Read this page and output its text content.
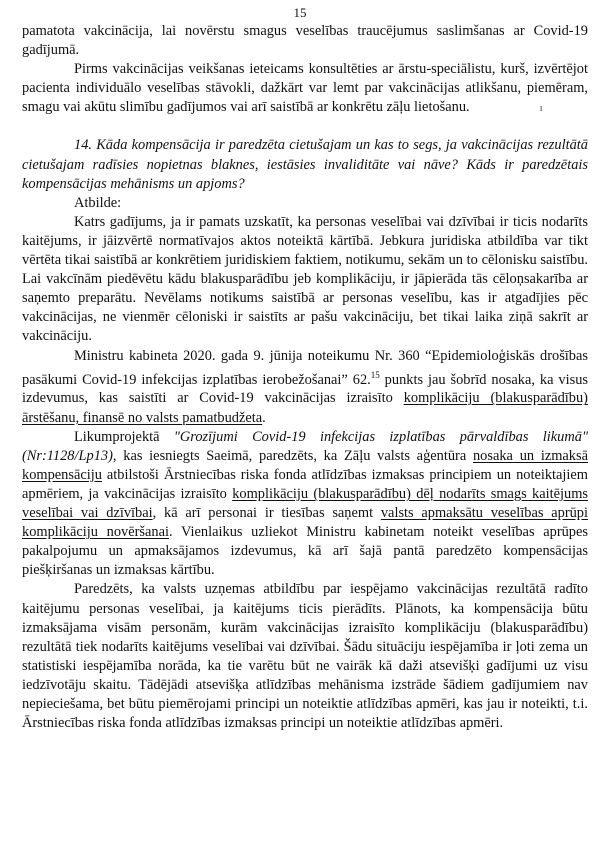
15

pamatota vakcinācija, lai novērstu smagus veselības traucējumus saslimšanas ar Covid-19 gadījumā.

Pirms vakcinācijas veikšanas ieteicams konsultēties ar ārstu-speciālistu, kurš, izvērtējot pacienta individuālo veselības stāvokli, dažkārt var lemt par vakcinācijas atlikšanu, piemēram, smagu vai akūtu slimību gadījumos vai arī saistībā ar konkrētu zāļu lietošanu.	ı

14. Kāda kompensācija ir paredzēta cietušajam un kas to segs, ja vakcinācijas rezultātā cietušajam radīsies nopietnas blaknes, iestāsies invaliditāte vai nāve? Kāds ir paredzētais kompensācijas mehānisms un apjoms?

Atbilde:

Katrs gadījums, ja ir pamats uzskatīt, ka personas veselībai vai dzīvībai ir ticis nodarīts kaitējums, ir jāizvērtē normatīvajos aktos noteiktā kārtībā. Jebkura juridiska atbildība var tikt vērtēta tikai saistībā ar konkrētiem juridiskiem faktiem, notikumu, sekām un to cēlonisku saistību. Lai vakcīnām piedēvētu kādu blakusparādību jeb komplikāciju, ir jāpierāda tās cēloņsakarība ar saņemto preparātu. Nevēlams notikums saistībā ar personas veselību, kas ir atgadījies pēc vakcinācijas, ne vienmēr cēloniski ir saistīts ar pašu vakcināciju, bet tikai laika ziņā sakrīt ar vakcināciju.

Ministru kabineta 2020. gada 9. jūnija noteikumu Nr. 360 “Epidemioloģiskās drošības pasākumi Covid-19 infekcijas izplatības ierobežošanai” 62.15 punkts jau šobrīd nosaka, ka visus izdevumus, kas saistīti ar Covid-19 vakcinācijas izraisīto komplikāciju (blakusparādību) ārstēšanu, finansē no valsts pamatbudžeta.

Likumprojektā "Grozījumi Covid-19 infekcijas izplatības pārvaldības likumā" (Nr:1128/Lp13), kas iesniegts Saeimā, paredzēts, ka Zāļu valsts aģentūra nosaka un izmaksā kompensāciju atbilstoši Ārstniecības riska fonda atlīdzības izmaksas principiem un noteiktajiem apmēriem, ja vakcinācijas izraisīto komplikāciju (blakusparādību) dēļ nodarīts smags kaitējums veselībai vai dzīvībai, kā arī personai ir tiesības saņemt valsts apmaksātu veselības aprūpi komplikāciju novēršanai. Vienlaikus uzliekot Ministru kabinetam noteikt veselības aprūpes pakalpojumu un apmaksājamos izdevumus, kā arī šajā pantā paredzēto kompensācijas piešķiršanas un izmaksas kārtību.

Paredzēts, ka valsts uzņemas atbildību par iespējamo vakcinācijas rezultātā radīto kaitējumu personas veselībai, ja kaitējums ticis pierādīts. Plānots, ka kompensācija būtu izmaksājama visām personām, kurām vakcinācijas izraisīto komplikāciju (blakusparādību) rezultātā tiek nodarīts kaitējums veselībai vai dzīvībai. Šādu situāciju iespējamība ir ļoti zema un statistiski iespējamība norāda, ka tie varētu būt ne vairāk kā daži atsevišķi gadījumi uz visu iedzīvotāju skaitu. Tādējādi atsevišķa atlīdzības mehānisma izstrāde šādiem gadījumiem nav nepieciešama, bet būtu piemērojami principi un noteiktie atlīdzības apmēri, kas jau ir noteikti, t.i. Ārstniecības riska fonda atlīdzības izmaksas principi un noteiktie atlīdzības apmēri.
